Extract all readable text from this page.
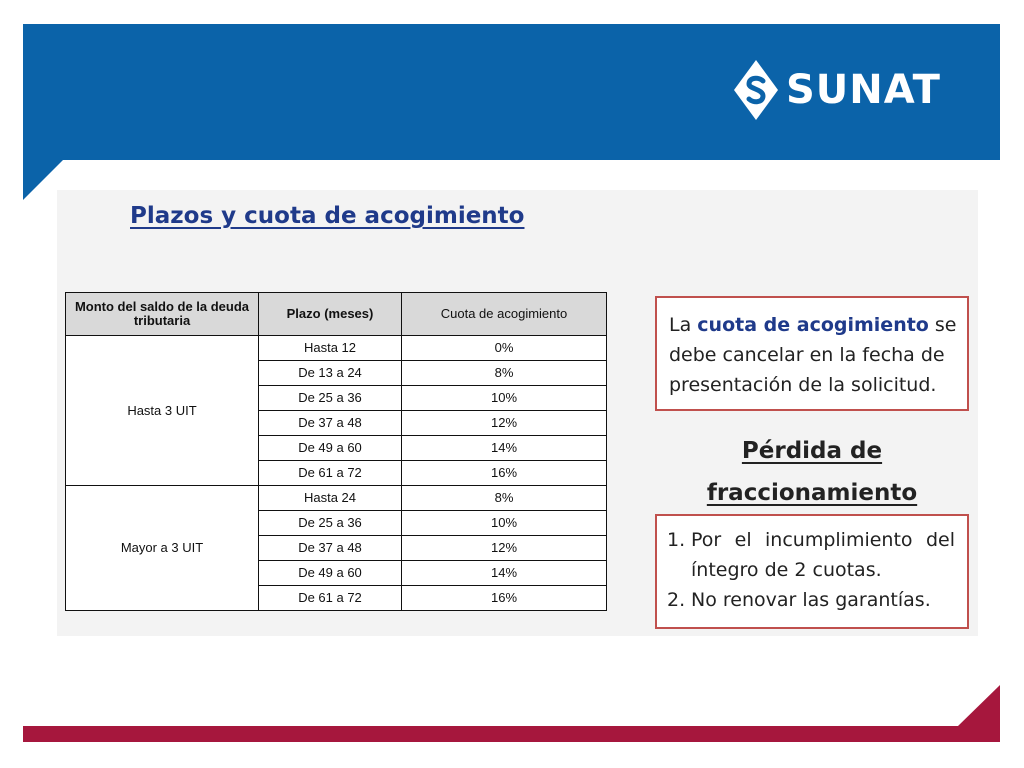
SUNAT
Plazos y cuota de acogimiento
Monto del saldo de la deuda tributaria	Plazo (meses)	Cuota de acogimiento
Hasta 3 UIT	Hasta 12	0%
	De 13 a 24	8%
	De 25 a 36	10%
	De 37 a 48	12%
	De 49 a 60	14%
	De 61 a 72	16%
Mayor a 3 UIT	Hasta 24	8%
	De 25 a 36	10%
	De 37 a 48	12%
	De 49 a 60	14%
	De 61 a 72	16%
La cuota de acogimiento se debe cancelar en la fecha de presentación de la solicitud.
Pérdida de
fraccionamiento
1. Por el incumplimiento del íntegro de 2 cuotas.
2. No renovar las garantías.
